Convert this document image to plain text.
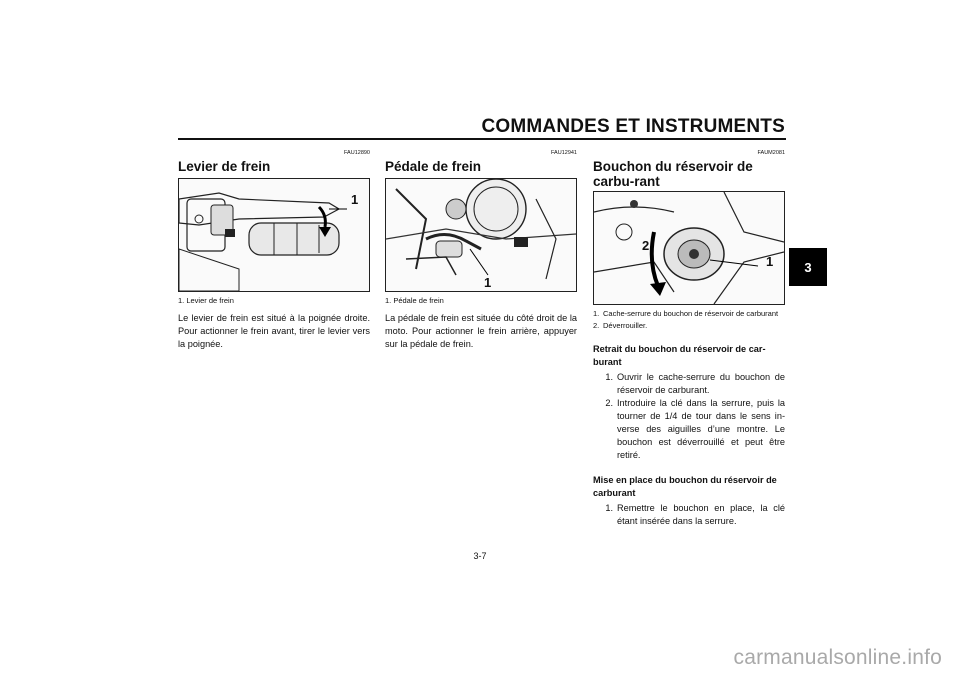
COMMANDES ET INSTRUMENTS
3
FAU12890
Levier de frein
1
1. Levier de frein

Le levier de frein est situé à la poignée droite. Pour actionner le frein avant, tirer le levier vers la poignée.

FAU12941
Pédale de frein
1
1. Pédale de frein

La pédale de frein est située du côté droit de la moto. Pour actionner le frein arrière, appuyer sur la pédale de frein.

FAUM2081
Bouchon du réservoir de carbu-rant
2
1
1. Cache-serrure du bouchon de réservoir de carburant
2. Déverrouiller.
Retrait du bouchon du réservoir de car-burant
1. Ouvrir le cache-serrure du bouchon de réservoir de carburant.
2. Introduire la clé dans la serrure, puis la tourner de 1/4 de tour dans le sens in-verse des aiguilles d’une montre. Le bouchon est déverrouillé et peut être retiré.
Mise en place du bouchon du réservoir de carburant
1. Remettre le bouchon en place, la clé étant insérée dans la serrure.
3-7
carmanualsonline.info
